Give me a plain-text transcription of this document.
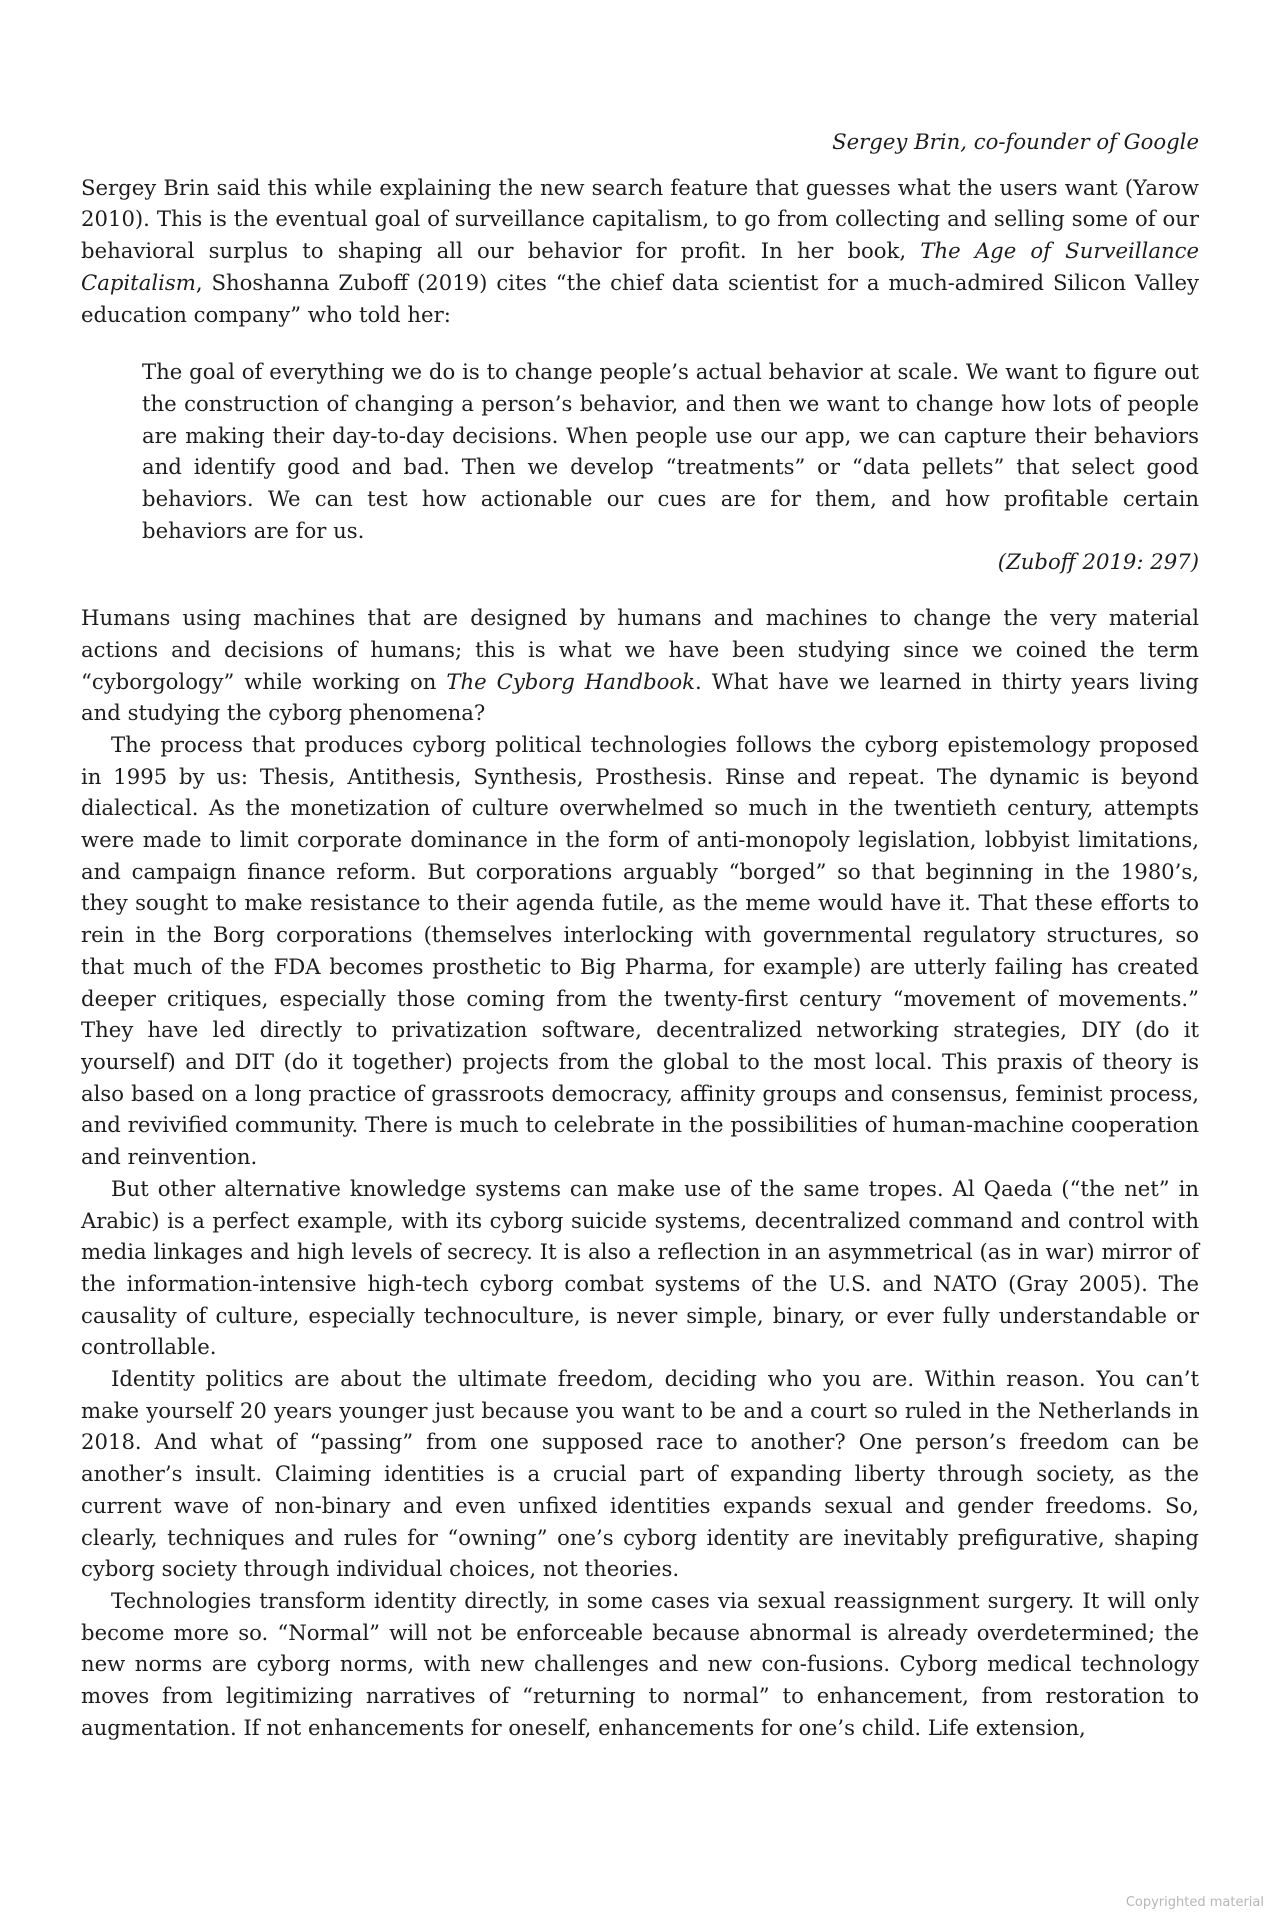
Sergey Brin, co-founder of Google

Sergey Brin said this while explaining the new search feature that guesses what the users want (Yarow 2010). This is the eventual goal of surveillance capitalism, to go from collecting and selling some of our behavioral surplus to shaping all our behavior for profit. In her book, The Age of Surveillance Capitalism, Shoshanna Zuboff (2019) cites “the chief data scientist for a much-admired Silicon Valley education company” who told her:

The goal of everything we do is to change people’s actual behavior at scale. We want to figure out the construction of changing a person’s behavior, and then we want to change how lots of people are making their day-to-day decisions. When people use our app, we can capture their behaviors and identify good and bad. Then we develop “treatments” or “data pellets” that select good behaviors. We can test how actionable our cues are for them, and how profitable certain behaviors are for us.

(Zuboff 2019: 297)

Humans using machines that are designed by humans and machines to change the very material actions and decisions of humans; this is what we have been studying since we coined the term “cyborgology” while working on The Cyborg Handbook. What have we learned in thirty years living and studying the cyborg phenomena?

The process that produces cyborg political technologies follows the cyborg epistemology proposed in 1995 by us: Thesis, Antithesis, Synthesis, Prosthesis. Rinse and repeat. The dynamic is beyond dialectical. As the monetization of culture overwhelmed so much in the twentieth century, attempts were made to limit corporate dominance in the form of anti-monopoly legislation, lobbyist limitations, and campaign finance reform. But corporations arguably “borged” so that beginning in the 1980’s, they sought to make resistance to their agenda futile, as the meme would have it. That these efforts to rein in the Borg corporations (themselves interlocking with governmental regulatory structures, so that much of the FDA becomes prosthetic to Big Pharma, for example) are utterly failing has created deeper critiques, especially those coming from the twenty-first century “movement of movements.” They have led directly to privatization software, decentralized networking strategies, DIY (do it yourself) and DIT (do it together) projects from the global to the most local. This praxis of theory is also based on a long practice of grassroots democracy, affinity groups and consensus, feminist process, and revivified community. There is much to celebrate in the possibilities of human-machine cooperation and reinvention.

But other alternative knowledge systems can make use of the same tropes. Al Qaeda (“the net” in Arabic) is a perfect example, with its cyborg suicide systems, decentralized command and control with media linkages and high levels of secrecy. It is also a reflection in an asymmetrical (as in war) mirror of the information-intensive high-tech cyborg combat systems of the U.S. and NATO (Gray 2005). The causality of culture, especially technoculture, is never simple, binary, or ever fully understandable or controllable.

Identity politics are about the ultimate freedom, deciding who you are. Within reason. You can’t make yourself 20 years younger just because you want to be and a court so ruled in the Netherlands in 2018. And what of “passing” from one supposed race to another? One person’s freedom can be another’s insult. Claiming identities is a crucial part of expanding liberty through society, as the current wave of non-binary and even unfixed identities expands sexual and gender freedoms. So, clearly, techniques and rules for “owning” one’s cyborg identity are inevitably prefigurative, shaping cyborg society through individual choices, not theories.

Technologies transform identity directly, in some cases via sexual reassignment surgery. It will only become more so. “Normal” will not be enforceable because abnormal is already overdetermined; the new norms are cyborg norms, with new challenges and new con-fusions. Cyborg medical technology moves from legitimizing narratives of “returning to normal” to enhancement, from restoration to augmentation. If not enhancements for oneself, enhancements for one’s child. Life extension,

Copyrighted material
